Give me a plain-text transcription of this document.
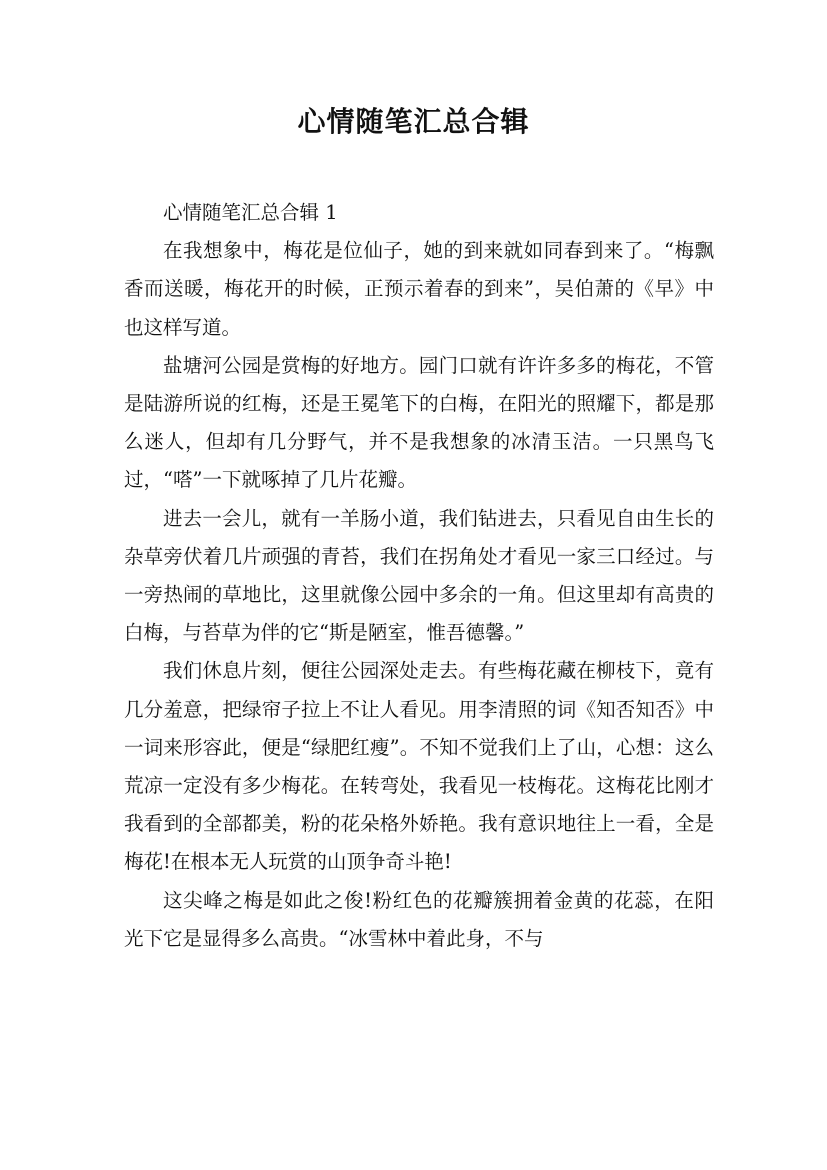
心情随笔汇总合辑

心情随笔汇总合辑 1

在我想象中，梅花是位仙子，她的到来就如同春到来了。“梅飘香而送暖，梅花开的时候，正预示着春的到来”，吴伯萧的《早》中也这样写道。

盐塘河公园是赏梅的好地方。园门口就有许许多多的梅花，不管是陆游所说的红梅，还是王冕笔下的白梅，在阳光的照耀下，都是那么迷人，但却有几分野气，并不是我想象的冰清玉洁。一只黑鸟飞过，“嗒”一下就啄掉了几片花瓣。

进去一会儿，就有一羊肠小道，我们钻进去，只看见自由生长的杂草旁伏着几片顽强的青苔，我们在拐角处才看见一家三口经过。与一旁热闹的草地比，这里就像公园中多余的一角。但这里却有高贵的白梅，与苔草为伴的它“斯是陋室，惟吾德馨。”

我们休息片刻，便往公园深处走去。有些梅花藏在柳枝下，竟有几分羞意，把绿帘子拉上不让人看见。用李清照的词《知否知否》中一词来形容此，便是“绿肥红瘦”。不知不觉我们上了山，心想：这么荒凉一定没有多少梅花。在转弯处，我看见一枝梅花。这梅花比刚才我看到的全部都美，粉的花朵格外娇艳。我有意识地往上一看，全是梅花!在根本无人玩赏的山顶争奇斗艳!

这尖峰之梅是如此之俊!粉红色的花瓣簇拥着金黄的花蕊，在阳光下它是显得多么高贵。“冰雪林中着此身，不与
